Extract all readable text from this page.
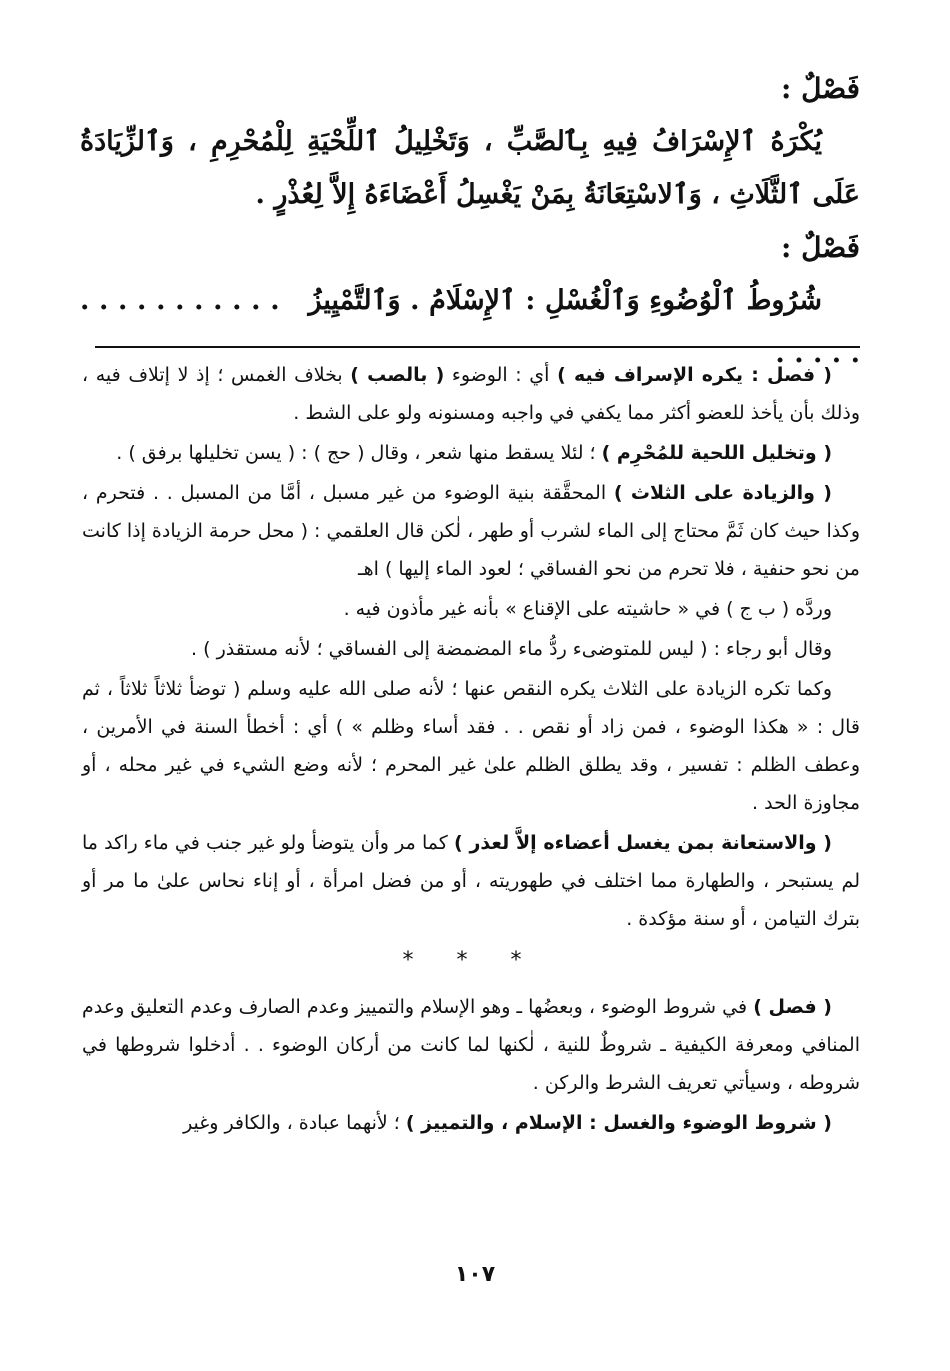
فَصْلٌ :

يُكْرَهُ ٱلإِسْرَافُ فِيهِ بِٱلصَّبِّ ، وَتَخْلِيلُ ٱللِّحْيَةِ لِلْمُحْرِمِ ، وَٱلزِّيَادَةُ عَلَى ٱلثَّلَاثِ ، وَٱلاسْتِعَانَةُ بِمَنْ يَغْسِلُ أَعْضَاءَهُ إِلاَّ لِعُذْرٍ .

فَصْلٌ :

شُرُوطُ ٱلْوُضُوءِ وَٱلْغُسْلِ : ٱلإِسْلَامُ . وَٱلتَّمْيِيزُ   . . . . . . . . . . . . . . . .

( فصل : يكره الإسراف فيه ) أي : الوضوء ( بالصب ) بخلاف الغمس ؛ إذ لا إتلاف فيه ، وذلك بأن يأخذ للعضو أكثر مما يكفي في واجبه ومسنونه ولو على الشط .

( وتخليل اللحية للمُحْرِم ) ؛ لئلا يسقط منها شعر ، وقال ( حج ) : ( يسن تخليلها برفق ) .

( والزيادة على الثلاث ) المحقَّقة بنية الوضوء من غير مسبل ، أمَّا من المسبل . . فتحرم ، وكذا حيث كان ثَمَّ محتاج إلى الماء لشرب أو طهر ، لٰكن قال العلقمي : ( محل حرمة الزيادة إذا كانت من نحو حنفية ، فلا تحرم من نحو الفساقي ؛ لعود الماء إليها ) اهـ

وردَّه ( ب ج ) في « حاشيته على الإقناع » بأنه غير مأذون فيه .

وقال أبو رجاء : ( ليس للمتوضىء ردُّ ماء المضمضة إلى الفساقي ؛ لأنه مستقذر ) .

وكما تكره الزيادة على الثلاث يكره النقص عنها ؛ لأنه صلى الله عليه وسلم ( توضأ ثلاثاً ثلاثاً ، ثم قال : « هكذا الوضوء ، فمن زاد أو نقص . . فقد أساء وظلم » ) أي : أخطأ السنة في الأمرين ، وعطف الظلم : تفسير ، وقد يطلق الظلم علىٰ غير المحرم ؛ لأنه وضع الشيء في غير محله ، أو مجاوزة الحد .

( والاستعانة بمن يغسل أعضاءه إلاَّ لعذر ) كما مر وأن يتوضأ ولو غير جنب في ماء راكد ما لم يستبحر ، والطهارة مما اختلف في طهوريته ، أو من فضل امرأة ، أو إناء نحاس علىٰ ما مر أو بترك التيامن ، أو سنة مؤكدة .

* * *

( فصل ) في شروط الوضوء ، وبعضُها ـ وهو الإسلام والتمييز وعدم الصارف وعدم التعليق وعدم المنافي ومعرفة الكيفية ـ شروطٌ للنية ، لٰكنها لما كانت من أركان الوضوء . . أدخلوا شروطها في شروطه ، وسيأتي تعريف الشرط والركن .

( شروط الوضوء والغسل : الإسلام ، والتمييز ) ؛ لأنهما عبادة ، والكافر وغير

١٠٧
